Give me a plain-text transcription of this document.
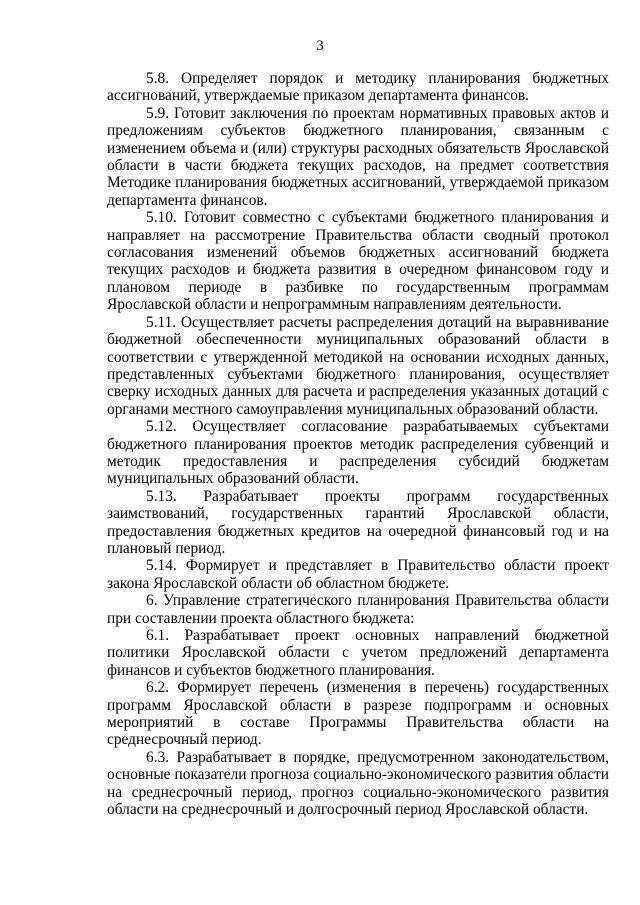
3

5.8. Определяет порядок и методику планирования бюджетных ассигнований, утверждаемые приказом департамента финансов.

5.9. Готовит заключения по проектам нормативных правовых актов и предложениям субъектов бюджетного планирования, связанным с изменением объема и (или) структуры расходных обязательств Ярославской области в части бюджета текущих расходов, на предмет соответствия Методике планирования бюджетных ассигнований, утверждаемой приказом департамента финансов.

5.10. Готовит совместно с субъектами бюджетного планирования и направляет на рассмотрение Правительства области сводный протокол согласования изменений объемов бюджетных ассигнований бюджета текущих расходов и бюджета развития в очередном финансовом году и плановом периоде в разбивке по государственным программам Ярославской области и непрограммным направлениям деятельности.

5.11. Осуществляет расчеты распределения дотаций на выравнивание бюджетной обеспеченности муниципальных образований области в соответствии с утвержденной методикой на основании исходных данных, представленных субъектами бюджетного планирования, осуществляет сверку исходных данных для расчета и распределения указанных дотаций с органами местного самоуправления муниципальных образований области.

5.12. Осуществляет согласование разрабатываемых субъектами бюджетного планирования проектов методик распределения субвенций и методик предоставления и распределения субсидий бюджетам муниципальных образований области.

5.13. Разрабатывает проекты программ государственных заимствований, государственных гарантий Ярославской области, предоставления бюджетных кредитов на очередной финансовый год и на плановый период.

5.14. Формирует и представляет в Правительство области проект закона Ярославской области об областном бюджете.

6. Управление стратегического планирования Правительства области при составлении проекта областного бюджета:

6.1. Разрабатывает проект основных направлений бюджетной политики Ярославской области с учетом предложений департамента финансов и субъектов бюджетного планирования.

6.2. Формирует перечень (изменения в перечень) государственных программ Ярославской области в разрезе подпрограмм и основных мероприятий в составе Программы Правительства области на среднесрочный период.

6.3. Разрабатывает в порядке, предусмотренном законодательством, основные показатели прогноза социально-экономического развития области на среднесрочный период, прогноз социально-экономического развития области на среднесрочный и долгосрочный период Ярославской области.
